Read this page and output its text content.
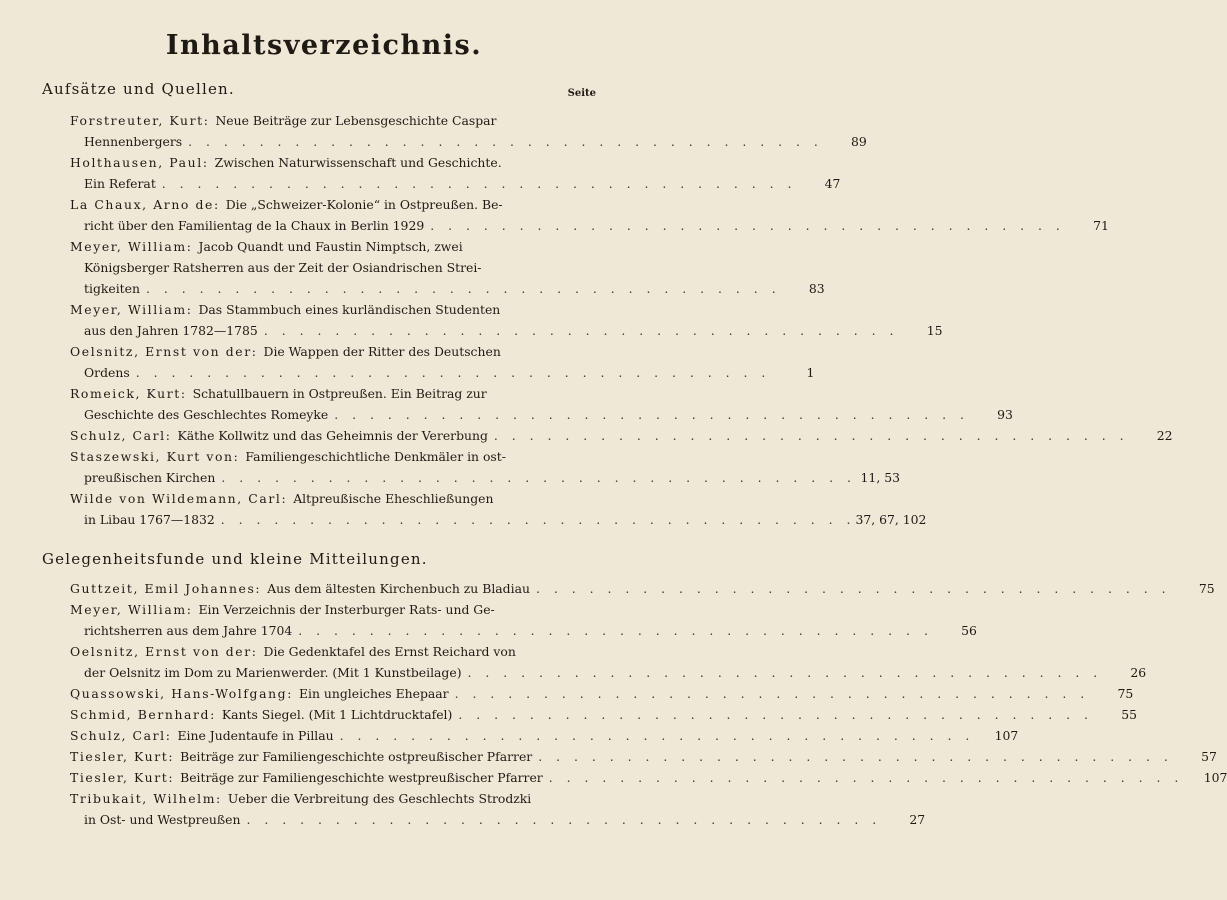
Inhaltsverzeichnis.
Aufsätze und Quellen.	Seite
Forstreuter, Kurt: Neue Beiträge zur Lebensgeschichte Caspar
Hennenbergers . . . . . . . . . . . . . . . . . . . . . . . . . . . . . . . . . . . .	89
Holthausen, Paul: Zwischen Naturwissenschaft und Geschichte.
Ein Referat . . . . . . . . . . . . . . . . . . . . . . . . . . . . . . . . . . . .	47
La Chaux, Arno de: Die „Schweizer-Kolonie“ in Ostpreußen. Be-
richt über den Familientag de la Chaux in Berlin 1929 . . . . . . . . . . . . . . . . . . . . . . . . . . . . . . . . . . . .	71
Meyer, William: Jacob Quandt und Faustin Nimptsch, zwei
Königsberger Ratsherren aus der Zeit der Osiandrischen Strei-
tigkeiten . . . . . . . . . . . . . . . . . . . . . . . . . . . . . . . . . . . .	83
Meyer, William: Das Stammbuch eines kurländischen Studenten
aus den Jahren 1782—1785 . . . . . . . . . . . . . . . . . . . . . . . . . . . . . . . . . . . .	15
Oelsnitz, Ernst von der: Die Wappen der Ritter des Deutschen
Ordens . . . . . . . . . . . . . . . . . . . . . . . . . . . . . . . . . . . .	1
Romeick, Kurt: Schatullbauern in Ostpreußen. Ein Beitrag zur
Geschichte des Geschlechtes Romeyke . . . . . . . . . . . . . . . . . . . . . . . . . . . . . . . . . . . .	93
Schulz, Carl: Käthe Kollwitz und das Geheimnis der Vererbung . . . . . . . . . . . . . . . . . . . . . . . . . . . . . . . . . . . .	22
Staszewski, Kurt von: Familiengeschichtliche Denkmäler in ost-
preußischen Kirchen . . . . . . . . . . . . . . . . . . . . . . . . . . . . . . . . . . . . 11, 53
Wilde von Wildemann, Carl: Altpreußische Eheschließungen
in Libau 1767—1832 . . . . . . . . . . . . . . . . . . . . . . . . . . . . . . . . . . . . 37, 67, 102
Gelegenheitsfunde und kleine Mitteilungen.
Guttzeit, Emil Johannes: Aus dem ältesten Kirchenbuch zu Bladiau . . . . . . . . . . . . . . . . . . . . . . . . . . . . . . . . . . . .	75
Meyer, William: Ein Verzeichnis der Insterburger Rats- und Ge-
richtsherren aus dem Jahre 1704 . . . . . . . . . . . . . . . . . . . . . . . . . . . . . . . . . . . .	56
Oelsnitz, Ernst von der: Die Gedenktafel des Ernst Reichard von
der Oelsnitz im Dom zu Marienwerder. (Mit 1 Kunstbeilage) . . . . . . . . . . . . . . . . . . . . . . . . . . . . . . . . . . . .	26
Quassowski, Hans-Wolfgang: Ein ungleiches Ehepaar . . . . . . . . . . . . . . . . . . . . . . . . . . . . . . . . . . . .	75
Schmid, Bernhard: Kants Siegel. (Mit 1 Lichtdrucktafel) . . . . . . . . . . . . . . . . . . . . . . . . . . . . . . . . . . . .	55
Schulz, Carl: Eine Judentaufe in Pillau . . . . . . . . . . . . . . . . . . . . . . . . . . . . . . . . . . . .	107
Tiesler, Kurt: Beiträge zur Familiengeschichte ostpreußischer Pfarrer . . . . . . . . . . . . . . . . . . . . . . . . . . . . . . . . . . . .	57
Tiesler, Kurt: Beiträge zur Familiengeschichte westpreußischer Pfarrer . . . . . . . . . . . . . . . . . . . . . . . . . . . . . . . . . . . .	107
Tribukait, Wilhelm: Ueber die Verbreitung des Geschlechts Strodzki
in Ost- und Westpreußen . . . . . . . . . . . . . . . . . . . . . . . . . . . . . . . . . . . .	27
